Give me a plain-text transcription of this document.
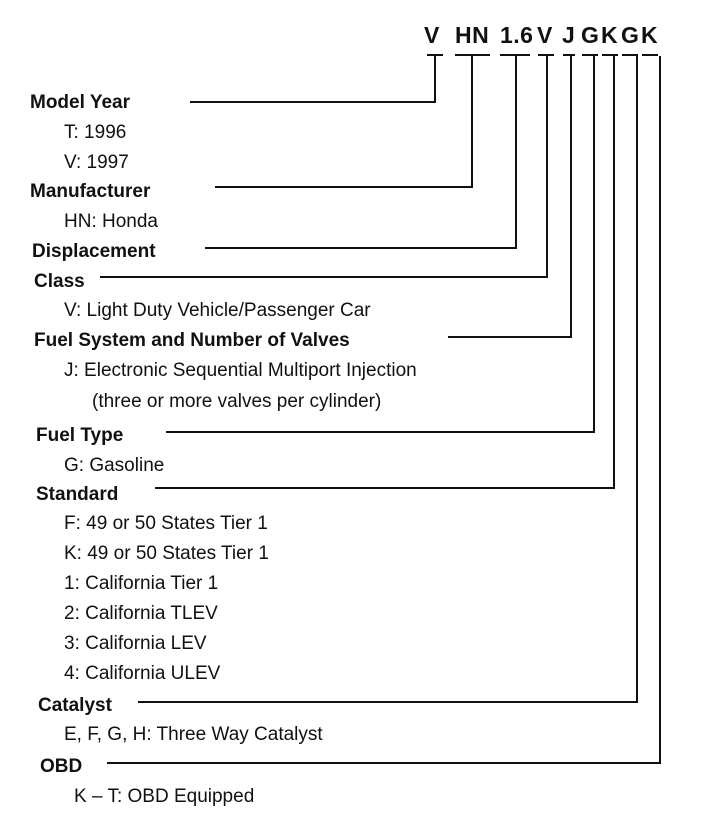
V HN 1.6 V J G K G K
Model Year
T: 1996
V: 1997
Manufacturer
HN: Honda
Displacement
Class
V: Light Duty Vehicle/Passenger Car
Fuel System and Number of Valves
J: Electronic Sequential Multiport Injection
(three or more valves per cylinder)
Fuel Type
G: Gasoline
Standard
F: 49 or 50 States Tier 1
K: 49 or 50 States Tier 1
1: California Tier 1
2: California TLEV
3: California LEV
4: California ULEV
Catalyst
E, F, G, H: Three Way Catalyst
OBD
K – T: OBD Equipped
